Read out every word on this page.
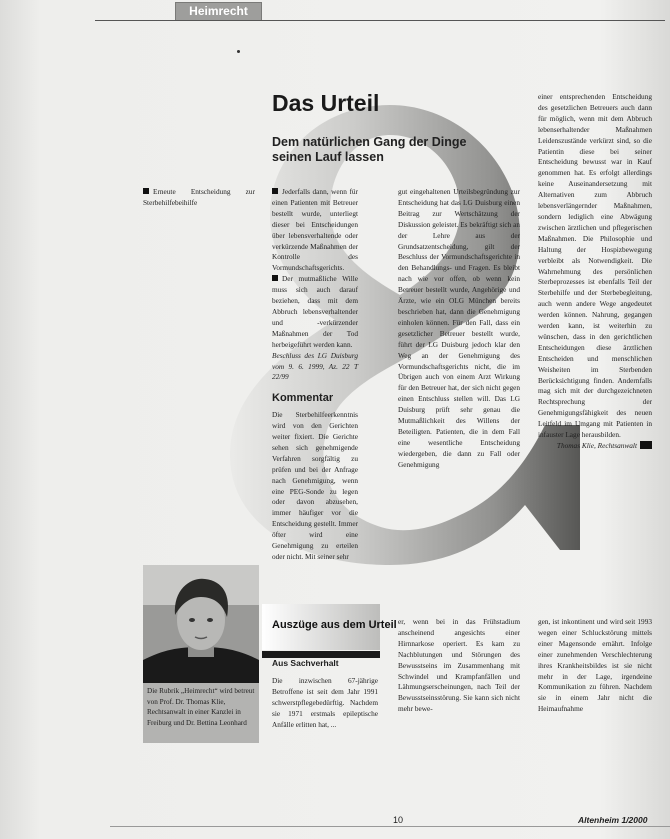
Heimrecht
Das Urteil

Dem natürlichen Gang der Dinge seinen Lauf lassen

Erneute Entscheidung zur Sterbehilfebeihilfe

Jederfalls dann, wenn für einen Patienten mit Betreuer bestellt wurde, unterliegt dieser bei Entscheidungen über lebensverhaltende oder verkürzende Maßnahmen der Kontrolle des Vormundschaftsgerichts.

Der mutmaßliche Wille muss sich auch darauf beziehen, dass mit dem Abbruch lebensverhaltender und -verkürzender Maßnahmen der Tod herbeigeführt werden kann.

Beschluss des LG Duisburg vom 9. 6. 1999, Az. 22 T 22/99

Kommentar

Die Sterbehilfeerkenntnis wird von den Gerichten weiter fixiert. Die Gerichte sehen sich genehmigende Verfahren sorgfältig zu prüfen und bei der Anfrage nach Genehmigung, wenn eine PEG-Sonde zu legen oder davon abzusehen, immer häufiger vor die Entscheidung gestellt. Immer öfter wird eine Genehmigung zu erteilen oder nicht. Mit seiner sehr

gut eingehaltenen Urteilsbegründung zur Entscheidung hat das LG Duisburg einen Beitrag zur Wertschätzung der Diskussion geleistet. Es bekräftigt sich an der Lehre aus der Grundsatzentscheidung, gilt der Beschluss der Vormundschaftsgerichte in den Behandlungs- und Fragen. Es bleibt nach wie vor offen, ob wenn kein Betreuer bestellt wurde, Angehörige und Ärzte, wie ein OLG München bereits beschrieben hat, dann die Genehmigung einholen können. Für den Fall, dass ein gesetzlicher Betreuer bestellt wurde, führt der LG Duisburg jedoch klar den Weg an der Genehmigung des Vormundschaftsgerichts nicht, die im Übrigen auch von einem Arzt Wirkung für den Betreuer hat, der sich nicht gegen einen Entschluss stellen will. Das LG Duisburg prüft sehr genau die Mutmaßlichkeit des Willens der Beteiligten. Patienten, die in dem Fall eine wesentliche Entscheidung wiedergeben, die dann zu Fall oder Genehmigung

einer entsprechenden Entscheidung des gesetzlichen Betreuers auch dann für möglich, wenn mit dem Abbruch lebenserhaltender Maßnahmen Leidenszustände verkürzt sind, so die Patientin diese bei seiner Entscheidung bewusst war in Kauf genommen hat. Es erfolgt allerdings keine Auseinandersetzung mit Alternativen zum Abbruch lebensverlängernder Maßnahmen, sondern lediglich eine Abwägung zwischen ärztlichen und pflegerischen Maßnahmen. Die Philosophie und Haltung der Hospizbewegung verbleibt als Notwendigkeit. Die Wahrnehmung des persönlichen Sterbeprozesses ist ebenfalls Teil der Sterbehilfe und der Sterbebegleitung, auch wenn andere Wege angedeutet werden können. Nahrung, gegangen werden kann, ist weiterhin zu wünschen, dass in den gerichtlichen Entscheidungen diese ärztlichen Entscheiden und menschlichen Weisheiten im Sterbenden Berücksichtigung finden. Andernfalls mag sich mit der durchgezeichneten Rechtsprechung der Genehmigungsfähigkeit des neuen Leitfeld im Umgang mit Patienten in infauster Lage herausbilden.

Thomas Klie, Rechtsanwalt
Die Rubrik „Heimrecht“ wird betreut von Prof. Dr. Thomas Klie, Rechtsanwalt in einer Kanzlei in Freiburg und Dr. Bettina Leonhard
Auszüge aus dem Urteil
Aus Sachverhalt

Die inzwischen 67-jährige Betroffene ist seit dem Jahr 1991 schwerstpflegebedürftig. Nachdem sie 1971 erstmals epileptische Anfälle erlitten hat, ...

er, wenn bei in das Frühstadium anscheinend angesichts einer Hirnnarkose operiert. Es kam zu Nachblutungen und Störungen des Bewusstseins im Zusammenhang mit Schwindel und Krampfanfällen und Lähmungserscheinungen, nach Teil der Bewusstseinsstörung. Sie kann sich nicht mehr bewe-

gen, ist inkontinent und wird seit 1993 wegen einer Schluckstörung mittels einer Magensonde ernährt. Infolge einer zunehmenden Verschlechterung ihres Krankheitsbildes ist sie nicht mehr in der Lage, irgendeine Kommunikation zu führen. Nachdem sie in einem Jahr nicht die Heimaufnahme

10	Altenheim 1/2000
